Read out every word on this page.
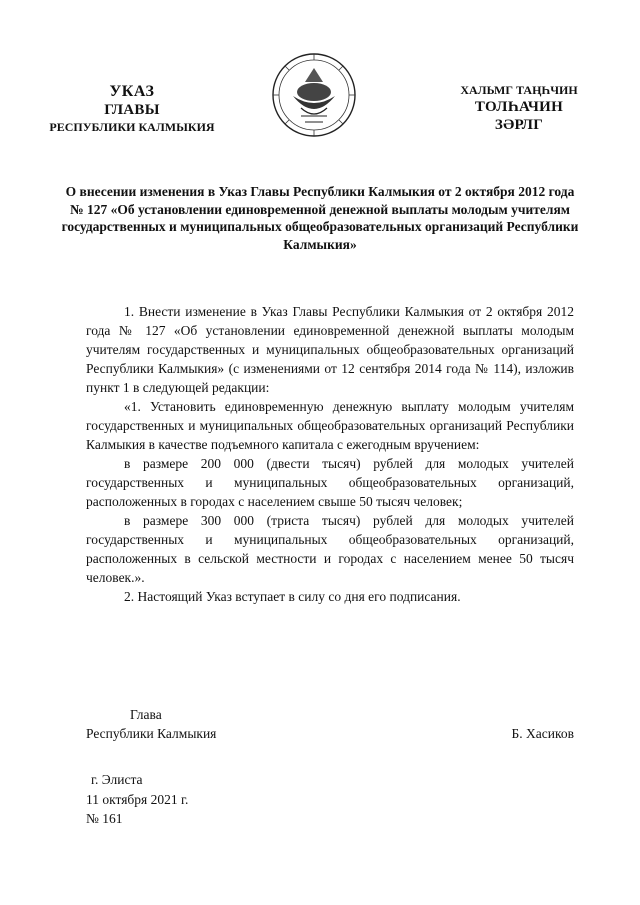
УКАЗ
ГЛАВЫ
РЕСПУБЛИКИ КАЛМЫКИЯ
ХАЛЬМГ ТАҢҺЧИН
ТОЛҺАЧИН
ЗӘРЛГ
О внесении изменения в Указ Главы Республики Калмыкия от 2 октября 2012 года № 127 «Об установлении единовременной денежной выплаты молодым учителям государственных и муниципальных общеобразовательных организаций Республики Калмыкия»

1. Внести изменение в Указ Главы Республики Калмыкия от 2 октября 2012 года № 127 «Об установлении единовременной денежной выплаты молодым учителям государственных и муниципальных общеобразовательных организаций Республики Калмыкия» (с изменениями от 12 сентября 2014 года № 114), изложив пункт 1 в следующей редакции:

«1. Установить единовременную денежную выплату молодым учителям государственных и муниципальных общеобразовательных организаций Республики Калмыкия в качестве подъемного капитала с ежегодным вручением:

в размере 200 000 (двести тысяч) рублей для молодых учителей государственных и муниципальных общеобразовательных организаций, расположенных в городах с населением свыше 50 тысяч человек;

в размере 300 000 (триста тысяч) рублей для молодых учителей государственных и муниципальных общеобразовательных организаций, расположенных в сельской местности и городах с населением менее 50 тысяч человек.».

2. Настоящий Указ вступает в силу со дня его подписания.

Глава
Республики Калмыкия	Б. Хасиков
г. Элиста
11 октября 2021 г.
№ 161
